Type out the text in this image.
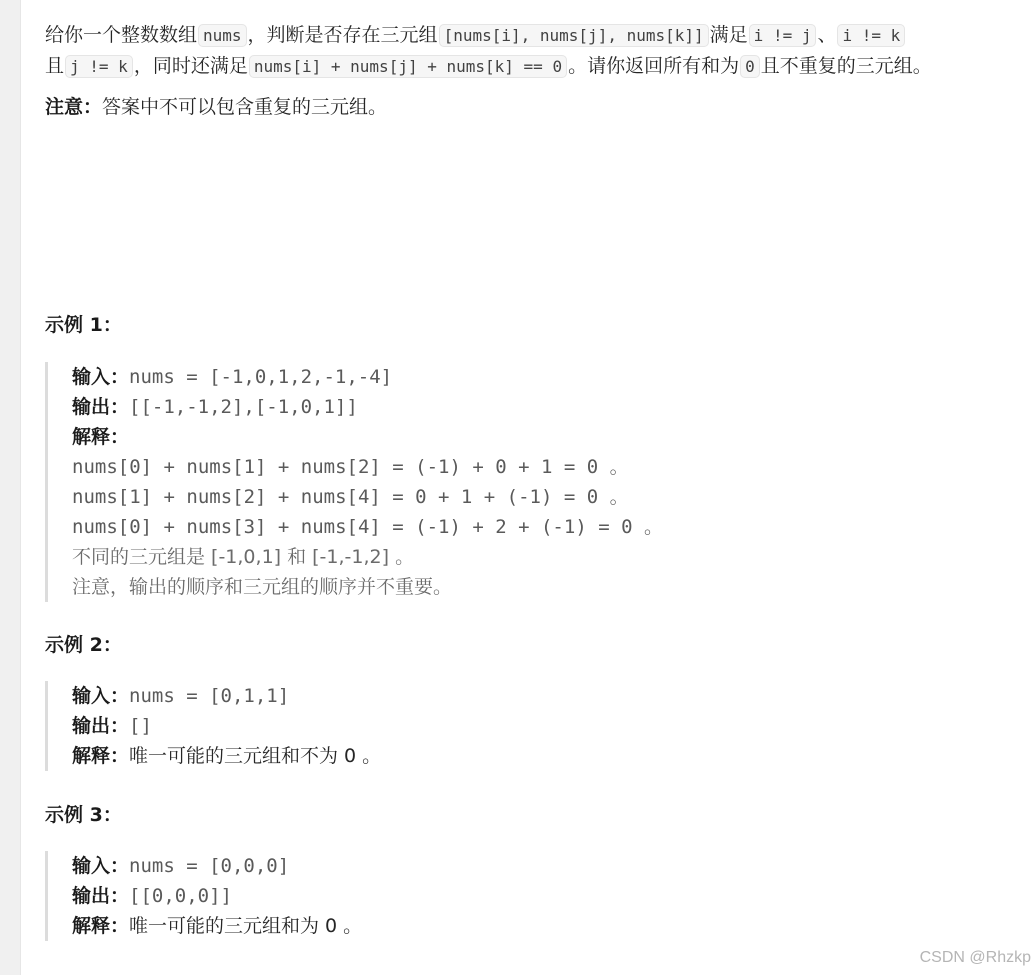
给你一个整数数组 nums ，判断是否存在三元组 [nums[i], nums[j], nums[k]] 满足 i != j 、 i != k
且 j != k ，同时还满足 nums[i] + nums[j] + nums[k] == 0 。请你返回所有和为 0 且不重复的三元组。

注意：答案中不可以包含重复的三元组。

示例 1：

输入：nums = [-1,0,1,2,-1,-4]
输出：[[-1,-1,2],[-1,0,1]]
解释：
nums[0] + nums[1] + nums[2] = (-1) + 0 + 1 = 0 。
nums[1] + nums[2] + nums[4] = 0 + 1 + (-1) = 0 。
nums[0] + nums[3] + nums[4] = (-1) + 2 + (-1) = 0 。
不同的三元组是 [-1,0,1] 和 [-1,-1,2] 。
注意，输出的顺序和三元组的顺序并不重要。

示例 2：

输入：nums = [0,1,1]
输出：[]
解释：唯一可能的三元组和不为 0 。

示例 3：

输入：nums = [0,0,0]
输出：[[0,0,0]]
解释：唯一可能的三元组和为 0 。
CSDN @Rhzkp
